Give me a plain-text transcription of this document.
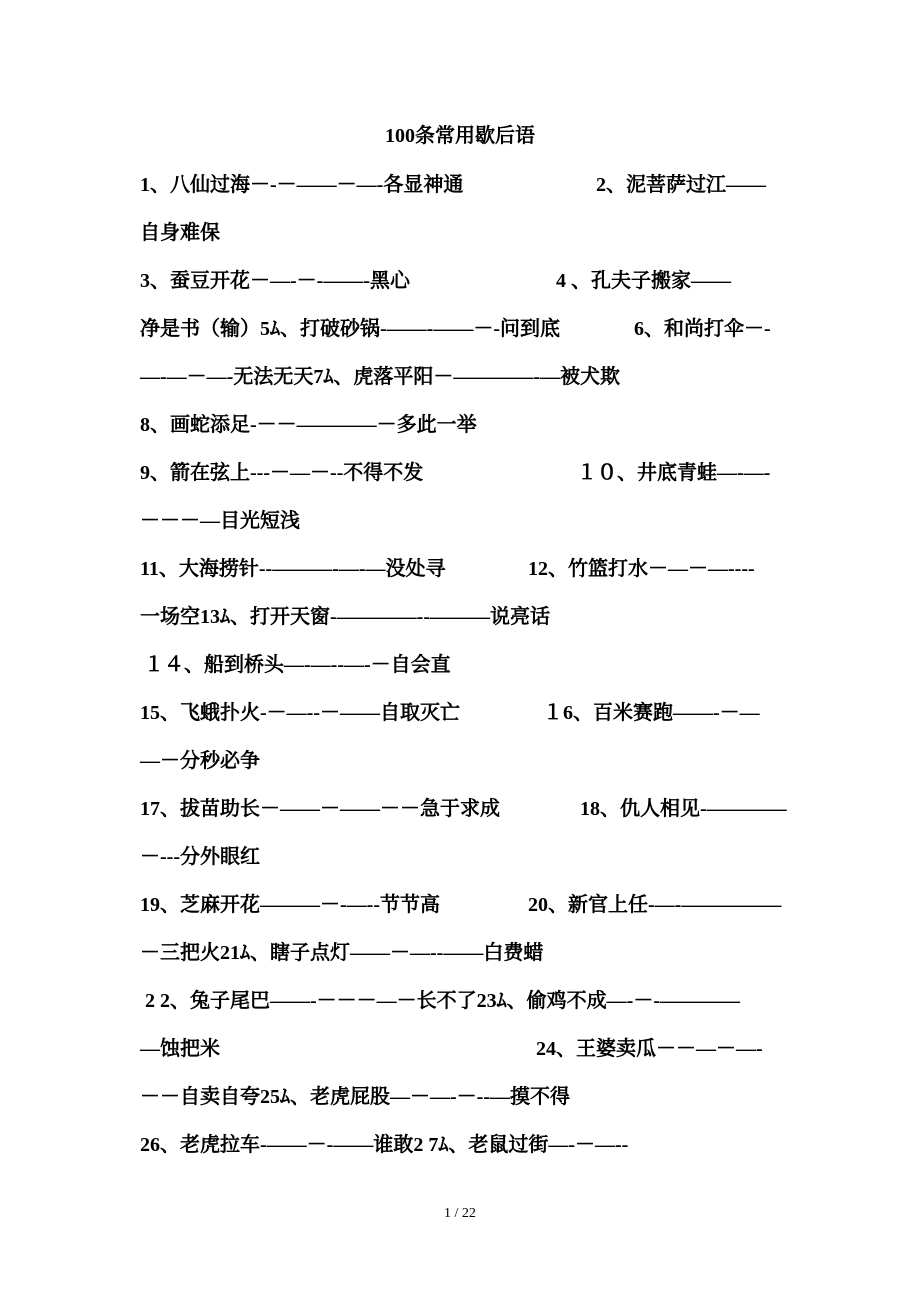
100条常用歇后语
1、八仙过海－-－——－—-各显神通	2、泥菩萨过江——
自身难保
3、蚕豆开花－—-－-——-黑心	4 、孔夫子搬家——
净是书（输）5ﾑ、打破砂锅-——-——－-问到底	6、和尚打伞－-
—-—－—-无法无天7ﾑ、虎落平阳－————-—被犬欺
8、画蛇添足-－－————－多此一举
9、箭在弦上---－—－--不得不发	１０、井底青蛙—-—-
－－－—目光短浅
11、大海捞针--———-—-—没处寻	12、竹篮打水－—－—----
一场空13ﾑ、打开天窗-————--———说亮话
１４、船到桥头—-—--—-－自会直
15、飞蛾扑火-－—--－——自取灭亡	１6、百米赛跑——-－—
—－分秒必争
17、拔苗助长－——－——－－急于求成	18、仇人相见-————
－---分外眼红
19、芝麻开花———－-—--节节高	20、新官上任-—-—————
－三把火21ﾑ、瞎子点灯——－—--——白费蜡
2 2、兔子尾巴——-－－－—－长不了23ﾑ、偷鸡不成—-－-————
—蚀把米	24、王婆卖瓜－－—－—-
－－自卖自夸25ﾑ、老虎屁股—－—-－--—摸不得
26、老虎拉车-——－-——谁敢2 7ﾑ、老鼠过街—-－—--
1 / 22
